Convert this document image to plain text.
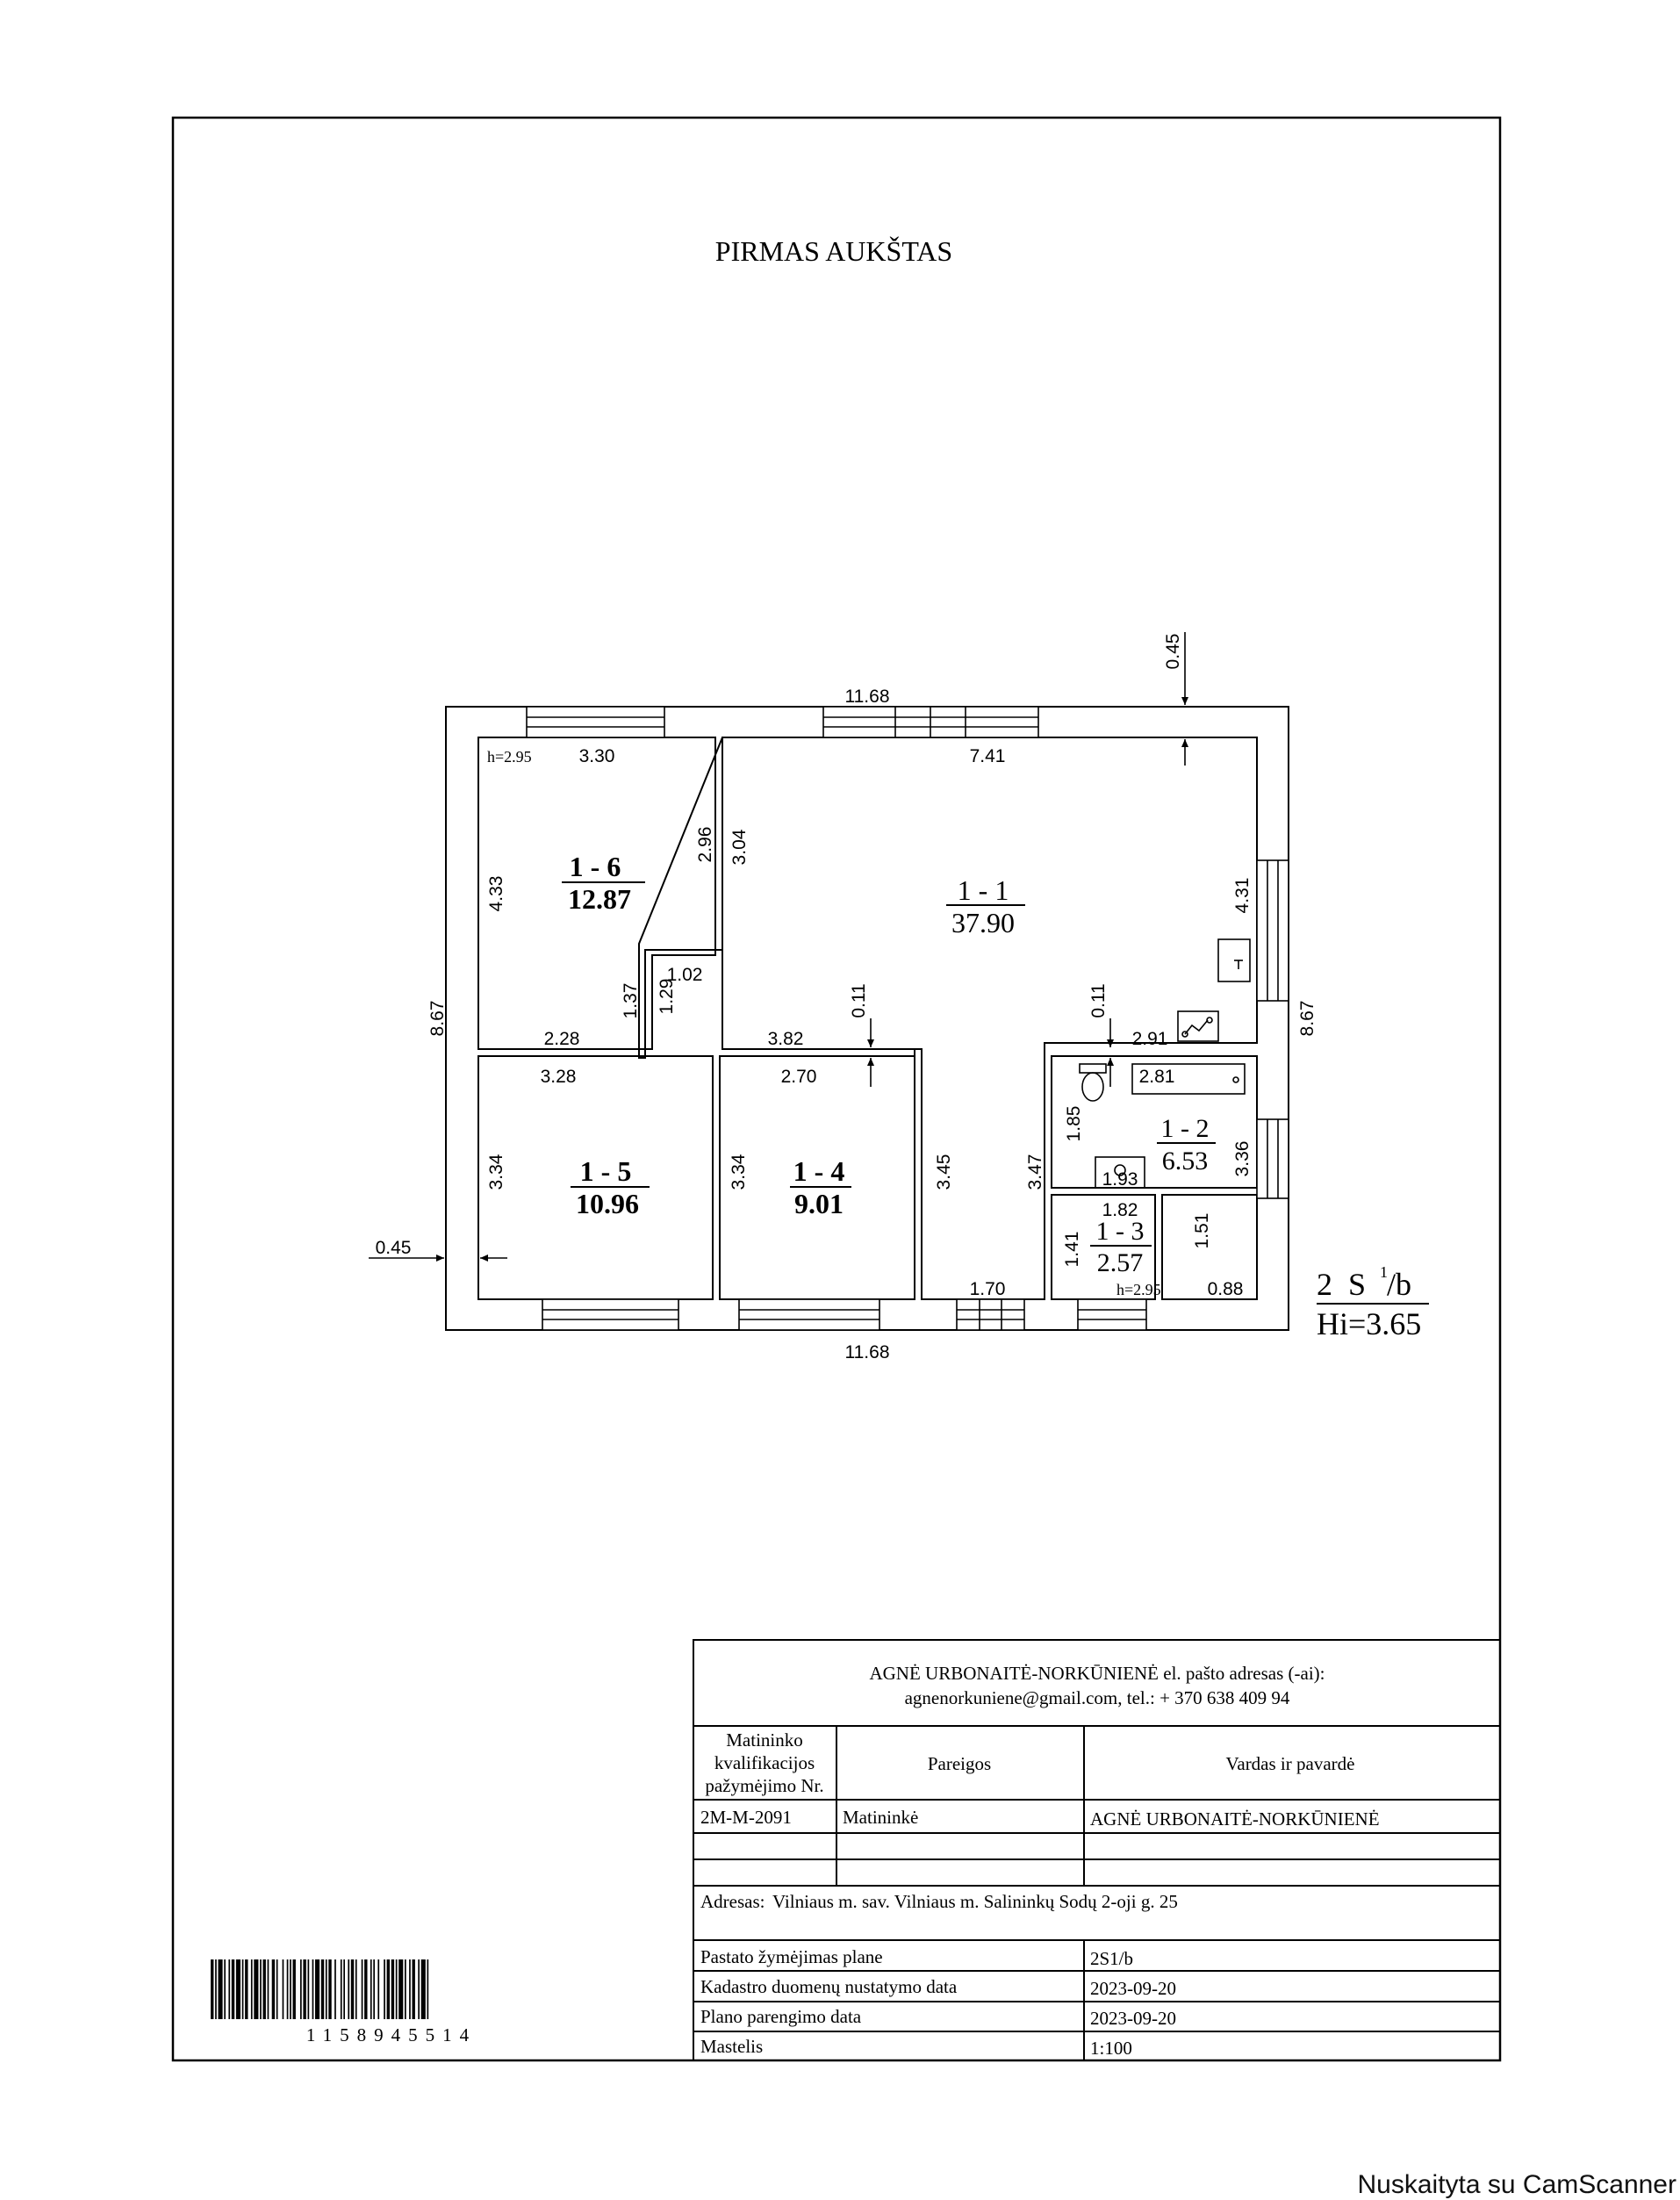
PIRMAS AUKŠTAS
11.68
11.68
8.67	8.67
0.45
0.45
h=2.95	3.30
4.33
2.28
1.37
2.96 3.04
1.02
1.29
7.41
4.31
0.11	0.11
3.82	2.91
3.28
3.34
2.70
3.34	3.45	3.47
1.70
2.81
1.85
3.36
1.93
1.82
1.41
1.51
h=2.95	0.88
1 - 6
12.87	1 - 1
37.90
1 - 5
10.96
1 - 4
9.01
1 - 2
6.53
1 - 3
2.57
2  S 1 /b
Hi=3.65
AGNĖ URBONAITĖ-NORKŪNIENĖ el. pašto adresas (-ai):
agnenorkuniene@gmail.com, tel.: + 370 638 409 94
Matininko
kvalifikacijos
pažymėjimo Nr.
Pareigos	Vardas ir pavardė
2M-M-2091	Matininkė	AGNĖ URBONAITĖ-NORKŪNIENĖ
Adresas: Vilniaus m. sav. Vilniaus m. Salininkų Sodų 2-oji g. 25
Pastato žymėjimas plane	2S1/b
Kadastro duomenų nustatymo data	2023-09-20
Plano parengimo data	2023-09-20
Mastelis	1:100
1158945514
Nuskaityta su CamScanner
